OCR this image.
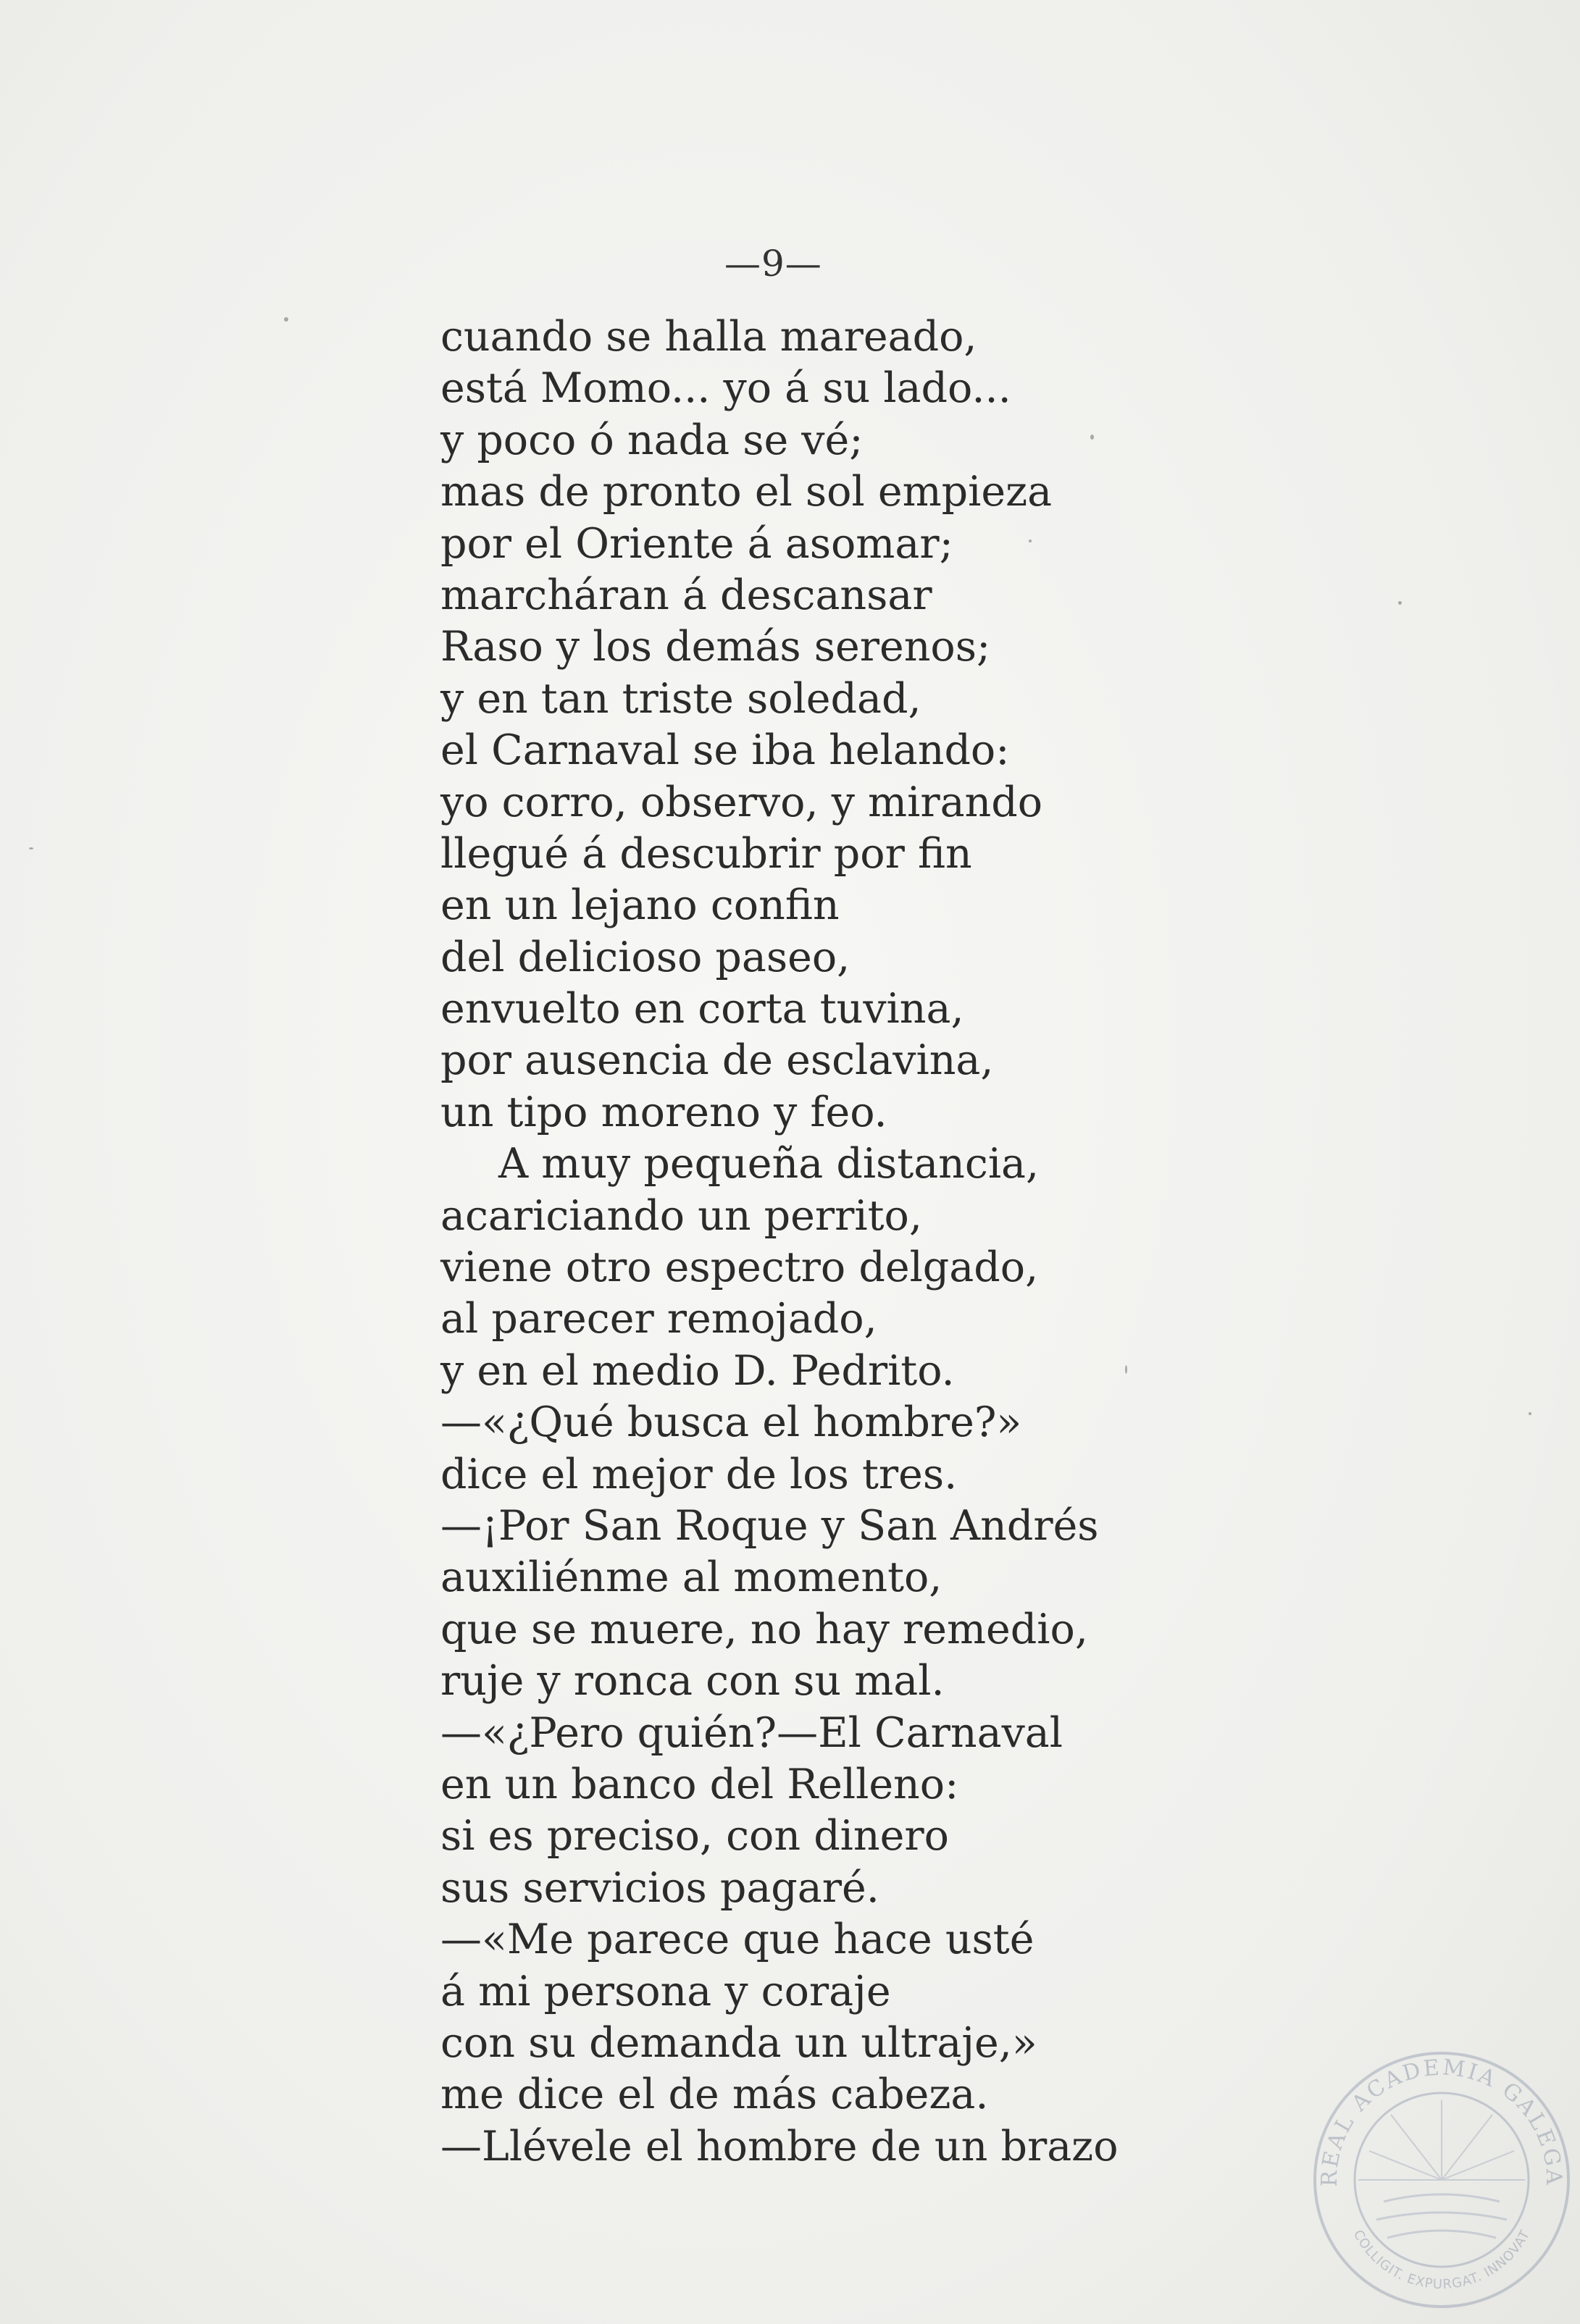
—9—
cuando se halla mareado,
está Momo... yo á su lado...
y poco ó nada se vé;
mas de pronto el sol empieza
por el Oriente á asomar;
marcháran á descansar
Raso y los demás serenos;
y en tan triste soledad,
el Carnaval se iba helando:
yo corro, observo, y mirando
llegué á descubrir por fin
en un lejano confin
del delicioso paseo,
envuelto en corta tuvina,
por ausencia de esclavina,
un tipo moreno y feo.
A muy pequeña distancia,
acariciando un perrito,
viene otro espectro delgado,
al parecer remojado,
y en el medio D. Pedrito.
—«¿Qué busca el hombre?»
dice el mejor de los tres.
—¡Por San Roque y San Andrés
auxiliénme al momento,
que se muere, no hay remedio,
ruje y ronca con su mal.
—«¿Pero quién?—El Carnaval
en un banco del Relleno:
si es preciso, con dinero
sus servicios pagaré.
—«Me parece que hace usté
á mi persona y coraje
con su demanda un ultraje,»
me dice el de más cabeza.
—Llévele el hombre de un brazo
REAL ACADEMIA GALEGA
COLLIGIT. EXPURGAT. INNOVAT
